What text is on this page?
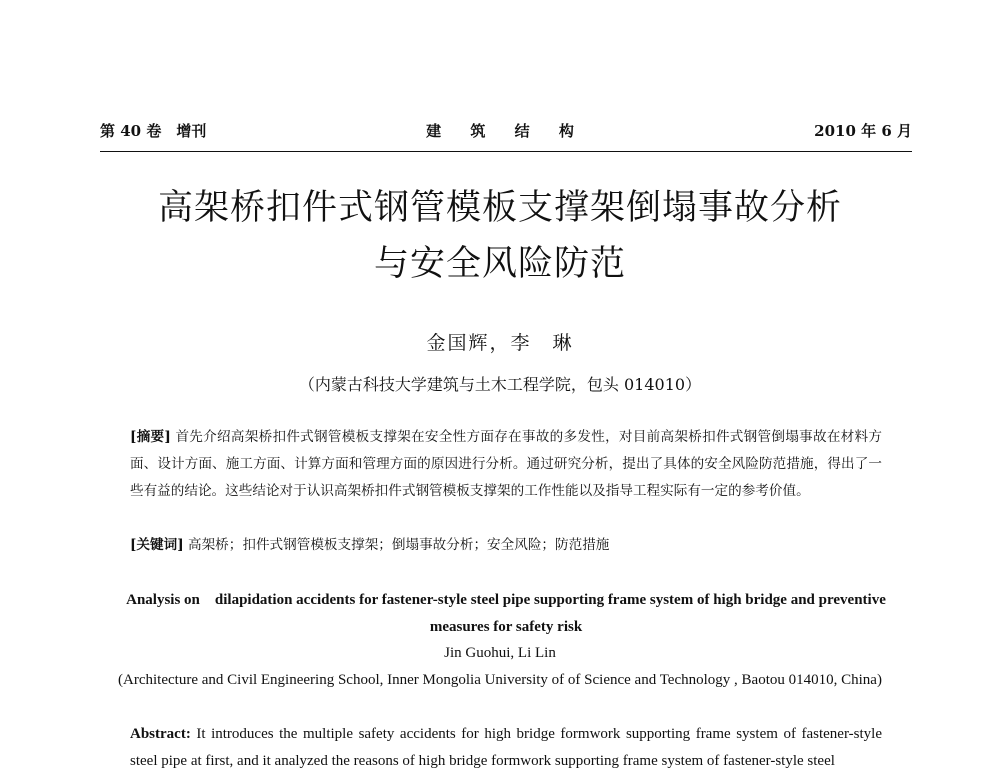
第 40 卷　增刊	建 筑 结 构	2010 年 6 月
高架桥扣件式钢管模板支撑架倒塌事故分析
与安全风险防范
金国辉，李　琳
（内蒙古科技大学建筑与土木工程学院，包头 014010）
[摘要] 首先介绍高架桥扣件式钢管模板支撑架在安全性方面存在事故的多发性，对目前高架桥扣件式钢管倒塌事故在材料方面、设计方面、施工方面、计算方面和管理方面的原因进行分析。通过研究分析，提出了具体的安全风险防范措施，得出了一些有益的结论。这些结论对于认识高架桥扣件式钢管模板支撑架的工作性能以及指导工程实际有一定的参考价值。
[关键词] 高架桥；扣件式钢管模板支撑架；倒塌事故分析；安全风险；防范措施
Analysis on　dilapidation accidents for fastener-style steel pipe supporting frame system of high bridge and preventive measures for safety risk
Jin Guohui, Li Lin
(Architecture and Civil Engineering School, Inner Mongolia University of of Science and Technology , Baotou 014010, China)
Abstract: It introduces the multiple safety accidents for high bridge formwork supporting frame system of fastener-style steel pipe at first, and it analyzed the reasons of high bridge formwork supporting frame system of fastener-style steel
